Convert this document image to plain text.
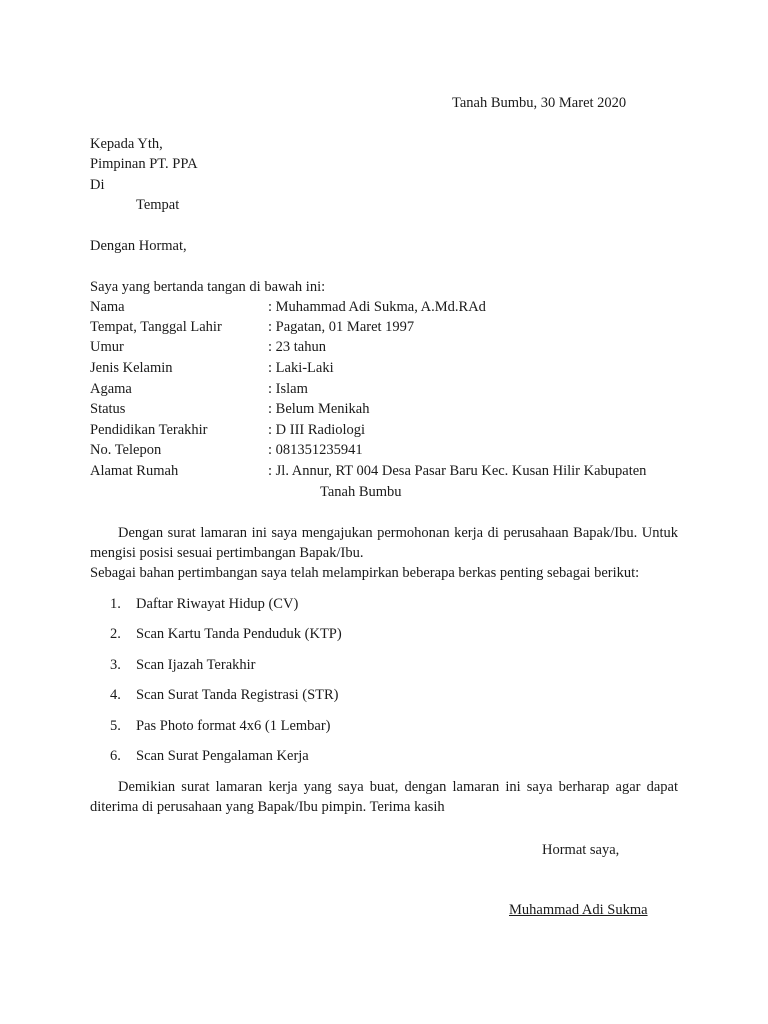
Tanah Bumbu, 30 Maret 2020
Kepada Yth,
Pimpinan PT. PPA
Di
Tempat
Dengan Hormat,
Saya yang bertanda tangan di bawah ini:
Nama	: Muhammad Adi Sukma, A.Md.RAd
Tempat, Tanggal Lahir	: Pagatan, 01 Maret 1997
Umur	: 23 tahun
Jenis Kelamin	: Laki-Laki
Agama	: Islam
Status	: Belum Menikah
Pendidikan Terakhir	: D III Radiologi
No. Telepon	: 081351235941
Alamat Rumah	: Jl. Annur, RT 004 Desa Pasar Baru Kec. Kusan Hilir Kabupaten
Tanah Bumbu
Dengan surat lamaran ini saya mengajukan permohonan kerja di perusahaan Bapak/Ibu. Untuk mengisi posisi sesuai pertimbangan Bapak/Ibu.
Sebagai bahan pertimbangan saya telah melampirkan beberapa berkas penting sebagai berikut:
1. Daftar Riwayat Hidup (CV)
2. Scan Kartu Tanda Penduduk (KTP)
3. Scan Ijazah Terakhir
4. Scan Surat Tanda Registrasi (STR)
5. Pas Photo format 4x6 (1 Lembar)
6. Scan Surat Pengalaman Kerja
Demikian surat lamaran kerja yang saya buat, dengan lamaran ini saya berharap agar dapat diterima di perusahaan yang Bapak/Ibu pimpin. Terima kasih
Hormat saya,
Muhammad Adi Sukma
